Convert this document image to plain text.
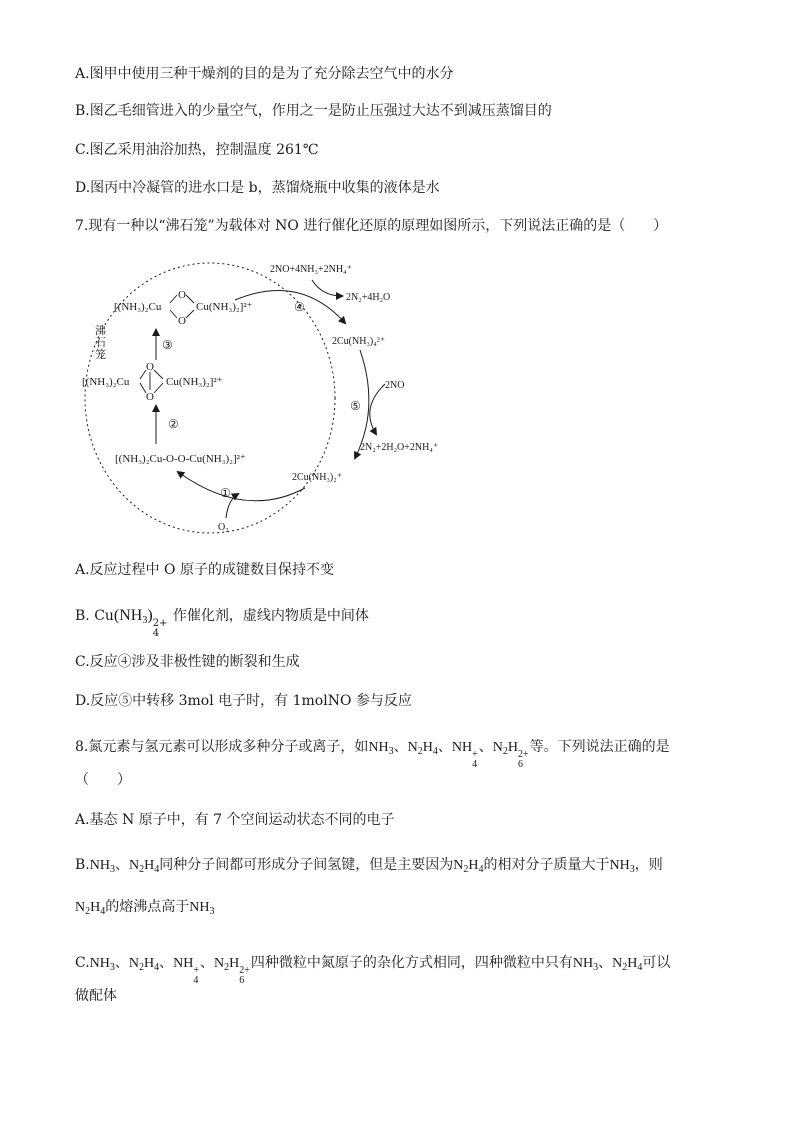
A.图甲中使用三种干燥剂的目的是为了充分除去空气中的水分
B.图乙毛细管进入的少量空气，作用之一是防止压强过大达不到减压蒸馏目的
C.图乙采用油浴加热，控制温度 261℃
D.图丙中冷凝管的进水口是 b，蒸馏烧瓶中收集的液体是水
7.现有一种以“沸石笼”为载体对 NO 进行催化还原的原理如图所示，下列说法正确的是（　　）
沸
石
笼
[(NH₃)₂Cu
O
O
Cu(NH₃)₂]²⁺
[(NH₃)₂Cu
O
O
Cu(NH₃)₂]²⁺
[(NH₃)₂Cu-O-O-Cu(NH₃)₂]²⁺
③
②
①
④
⑤
O₂
2NO+4NH₃+2NH₄⁺
2N₂+4H₂O
2Cu(NH₃)₄²⁺
2Cu(NH₃)₂⁺
2NO
2N₂+2H₂O+2NH₄⁺
A.反应过程中 O 原子的成键数目保持不变
B. $Cu(NH_3)$ 2+
4
作催化剂，虚线内物质是中间体
C.反应④涉及非极性键的断裂和生成
D.反应⑤中转移 3mol 电子时，有 1molNO 参与反应
8.氮元素与氢元素可以形成多种分子或离子，如$NH_3$、$N_2H_4$、NH +
4
、$N_2H$ 2+
6
等。下列说法正确的是
（　　）
A.基态 N 原子中，有 7 个空间运动状态不同的电子
$B.NH_3$、$N_2H_4$同种分子间都可形成分子间氢键，但是主要因为$N_2H_4$的相对分子质量大于$NH_3$，则
$N_2H_4$的熔沸点高于$NH_3$
$C.NH_3$、$N_2H_4$、NH +
4
、$N_2H$ 2+
6
四种微粒中氮原子的杂化方式相同，四种微粒中只有$NH_3$、$N_2H_4$可以
做配体
